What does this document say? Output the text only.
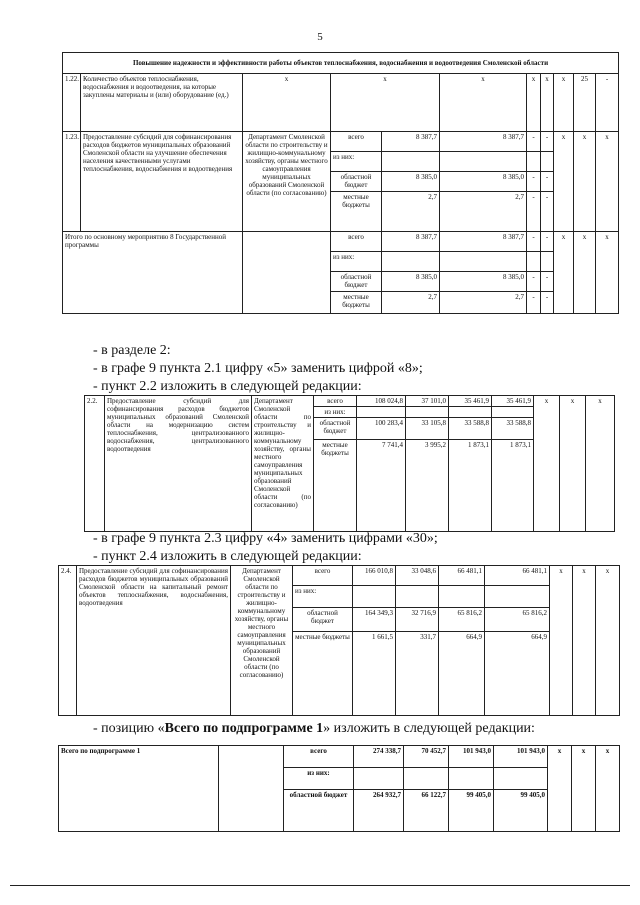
5
Повышение надежности и эффективности работы объектов теплоснабжения, водоснабжения и водоотведения Смоленской области										
1.22.	Количество объектов теплоснабжения, водоснабжения и водоотведения, на которые закуплены материалы и (или) оборудование (ед.)	x	x		x	x	x	x	25	-
1.23.	Предоставление субсидий для софинансирования расходов бюджетов муниципальных образований Смоленской области на улучшение обеспечения населения качественными услугами теплоснабжения, водоснабжения и водоотведения	Департамент Смоленской области по строительству и жилищно-коммунальному хозяйству, органы местного самоуправления муниципальных образований Смоленской области (по согласованию)	всего	8 387,7	8 387,7	-	-	x	x	x
			из них:							
			областной бюджет	8 385,0	8 385,0	-	-			
			местные бюджеты	2,7	2,7	-	-			
Итого по основному мероприятию 8 Государственной программы			всего	8 387,7	8 387,7	-	-	x	x	x
			из них:							
			областной бюджет	8 385,0	8 385,0	-	-			
			местные бюджеты	2,7	2,7	-	-			
- в разделе 2:
- в графе 9 пункта 2.1 цифру «5» заменить цифрой «8»;
- пункт 2.2 изложить в следующей редакции:
2.2.	Предоставление субсидий для софинансирования расходов бюджетов муниципальных образований Смоленской области на модернизацию систем теплоснабжения, централизованного водоснабжения, централизованного водоотведения	Департамент Смоленской области по строительству и жилищно-коммунальному хозяйству, органы местного самоуправления муниципальных образований Смоленской области (по согласованию)	всего	108 024,8	37 101,0	35 461,9	35 461,9	x	x	x
			из них:							
			областной бюджет	100 283,4	33 105,8	33 588,8	33 588,8			
			местные бюджеты	7 741,4	3 995,2	1 873,1	1 873,1			
- в графе 9 пункта 2.3 цифру «4» заменить цифрами «30»;
- пункт 2.4 изложить в следующей редакции:
2.4.	Предоставление субсидий для софинансирования расходов бюджетов муниципальных образований Смоленской области на капитальный ремонт объектов теплоснабжения, водоснабжения, водоотведения	Департамент Смоленской области по строительству и жилищно-коммунальному хозяйству, органы местного самоуправления муниципальных образований Смоленской области (по согласованию)	всего	166 010,8	33 048,6	66 481,1	66 481,1	x	x	x
			из них:							
			областной бюджет	164 349,3	32 716,9	65 816,2	65 816,2			
			местные бюджеты	1 661,5	331,7	664,9	664,9			
- позицию «Всего по подпрограмме 1» изложить в следующей редакции:
Всего по подпрограмме 1		всего	274 338,7	70 452,7	101 943,0	101 943,0	x	x	x
		из них:							
		областной бюджет	264 932,7	66 122,7	99 405,0	99 405,0			
